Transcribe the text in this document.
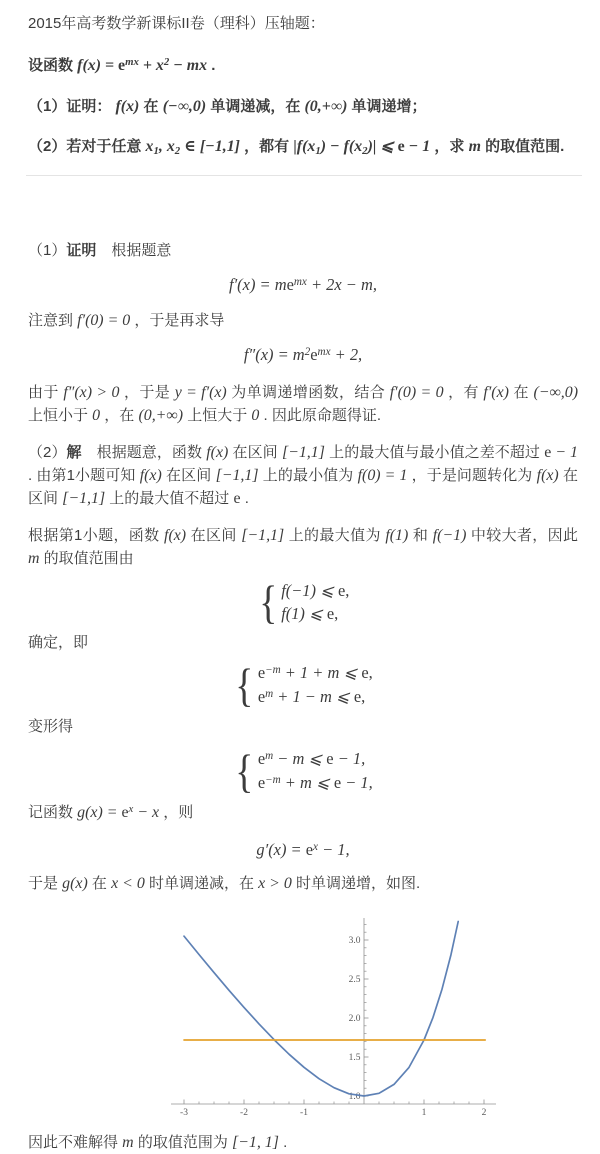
2015年高考数学新课标II卷（理科）压轴题：

设函数 $f(x) = e^{mx} + x^2$ − mx .

（1）证明： f(x) 在 (−∞,0) 单调递减，在 (0,+∞) 单调递增；

（2）若对于任意 $x_1$, $x_2$ ∈ [−1,1] ，都有 $|f(x_1) - f(x_2)|$ ⩽ e − 1 ，求 m 的取值范围.

（1）证明　根据题意

$f'(x) = me^{mx} + 2x - m$,

注意到 f′(0) = 0 ，于是再求导

$f''(x) = m^2e^{mx} + 2$,

由于 f″(x) > 0 ，于是 y = f′(x) 为单调递增函数，结合 f′(0) = 0 ，有 f′(x) 在 (−∞,0) 上恒小于 0 ，在 (0,+∞) 上恒大于 0 . 因此原命题得证.

（2）解　根据题意，函数 f(x) 在区间 [−1,1] 上的最大值与最小值之差不超过 e − 1 . 由第1小题可知 f(x) 在区间 [−1,1] 上的最小值为 f(0) = 1 ，于是问题转化为 f(x) 在区间 [−1,1] 上的最大值不超过 e .

根据第1小题，函数 f(x) 在区间 [−1,1] 上的最大值为 f(1) 和 f(−1) 中较大者，因此 m 的取值范围由

{ f(−1) ⩽ e,
f(1) ⩽ e,

确定，即

{ $e^{-m} + 1 + m$ ⩽ e,
$e^m + 1 - m$ ⩽ e,

变形得

{ $e^m - m$ ⩽ e − 1,
$e^{-m} + m$ ⩽ e − 1,

记函数 $g(x) = e^x - x$ ，则

$g'(x) = e^x - 1$,

于是 g(x) 在 x < 0 时单调递减，在 x > 0 时单调递增，如图.

-3	-2	-1	1	2
1.0
1.5
2.0
2.5
3.0

因此不难解得 m 的取值范围为 [−1, 1] .
